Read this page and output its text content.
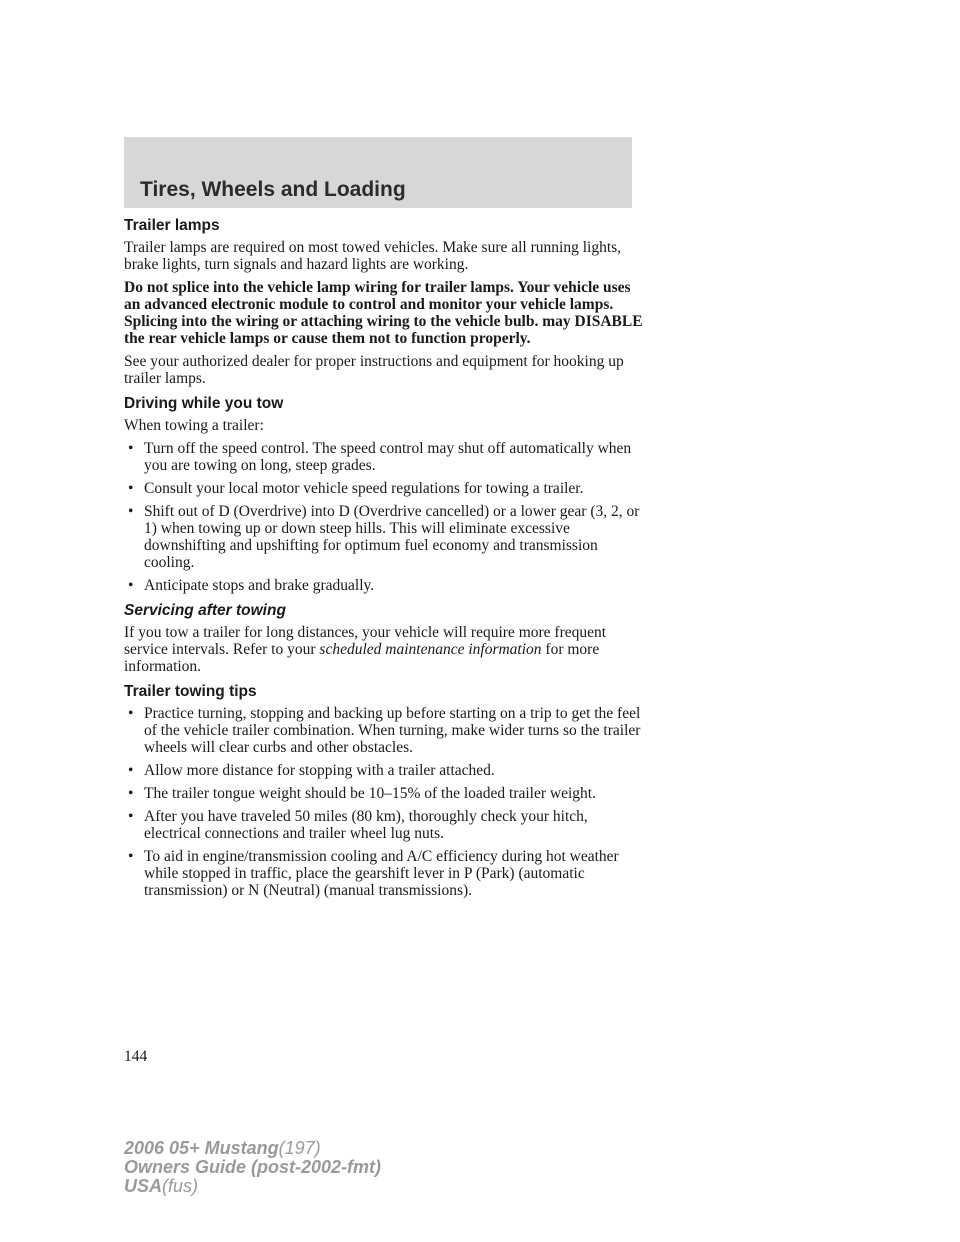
Tires, Wheels and Loading
Trailer lamps

Trailer lamps are required on most towed vehicles. Make sure all running lights, brake lights, turn signals and hazard lights are working.

Do not splice into the vehicle lamp wiring for trailer lamps. Your vehicle uses an advanced electronic module to control and monitor your vehicle lamps. Splicing into the wiring or attaching wiring to the vehicle bulb. may DISABLE the rear vehicle lamps or cause them not to function properly.

See your authorized dealer for proper instructions and equipment for hooking up trailer lamps.

Driving while you tow

When towing a trailer:

• Turn off the speed control. The speed control may shut off automatically when you are towing on long, steep grades.
• Consult your local motor vehicle speed regulations for towing a trailer.
• Shift out of D (Overdrive) into D (Overdrive cancelled) or a lower gear (3, 2, or 1) when towing up or down steep hills. This will eliminate excessive downshifting and upshifting for optimum fuel economy and transmission cooling.
• Anticipate stops and brake gradually.
Servicing after towing

If you tow a trailer for long distances, your vehicle will require more frequent service intervals. Refer to your scheduled maintenance information for more information.

Trailer towing tips
• Practice turning, stopping and backing up before starting on a trip to get the feel of the vehicle trailer combination. When turning, make wider turns so the trailer wheels will clear curbs and other obstacles.
• Allow more distance for stopping with a trailer attached.
• The trailer tongue weight should be 10–15% of the loaded trailer weight.
• After you have traveled 50 miles (80 km), thoroughly check your hitch, electrical connections and trailer wheel lug nuts.
• To aid in engine/transmission cooling and A/C efficiency during hot weather while stopped in traffic, place the gearshift lever in P (Park) (automatic transmission) or N (Neutral) (manual transmissions).
144
2006 05+ Mustang(197)
Owners Guide (post-2002-fmt)
USA(fus)
